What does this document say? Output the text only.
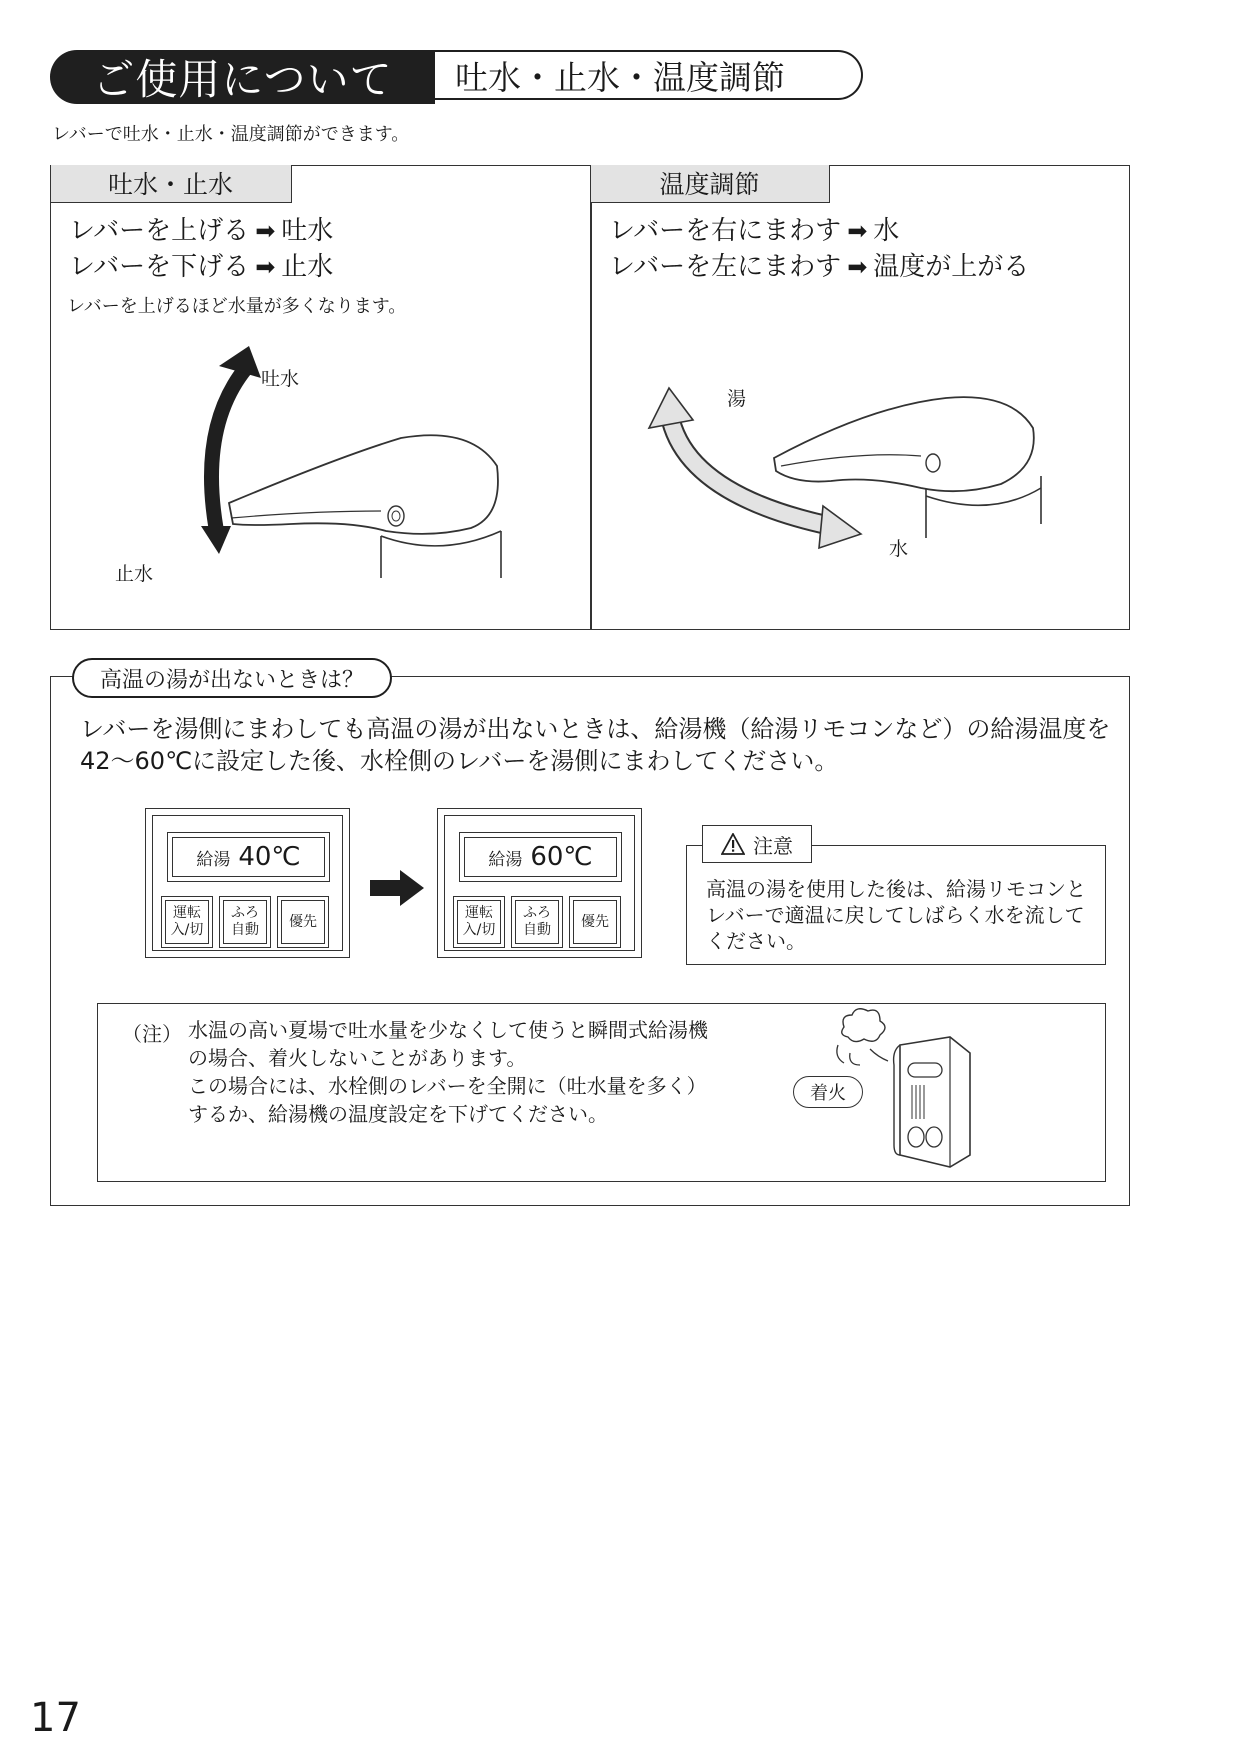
ご使用について	吐水・止水・温度調節
レバーで吐水・止水・温度調節ができます。
吐水・止水
レバーを上げる ➡ 吐水
レバーを下げる ➡ 止水
レバーを上げるほど水量が多くなります。
吐水
止水
温度調節
レバーを右にまわす ➡ 水
レバーを左にまわす ➡ 温度が上がる
湯
水
高温の湯が出ないときは？
レバーを湯側にまわしても高温の湯が出ないときは、給湯機（給湯リモコンなど）の給湯温度を42〜60℃に設定した後、水栓側のレバーを湯側にまわしてください。
給湯 40℃
運転
入/切
ふろ
自動
優先
給湯 60℃
運転
入/切
ふろ
自動
優先
注意
高温の湯を使用した後は、給湯リモコンとレバーで適温に戻してしばらく水を流してください。
（注） 水温の高い夏場で吐水量を少なくして使うと瞬間式給湯機
の場合、着火しないことがあります。
この場合には、水栓側のレバーを全開に（吐水量を多く）
するか、給湯機の温度設定を下げてください。
着火
17
